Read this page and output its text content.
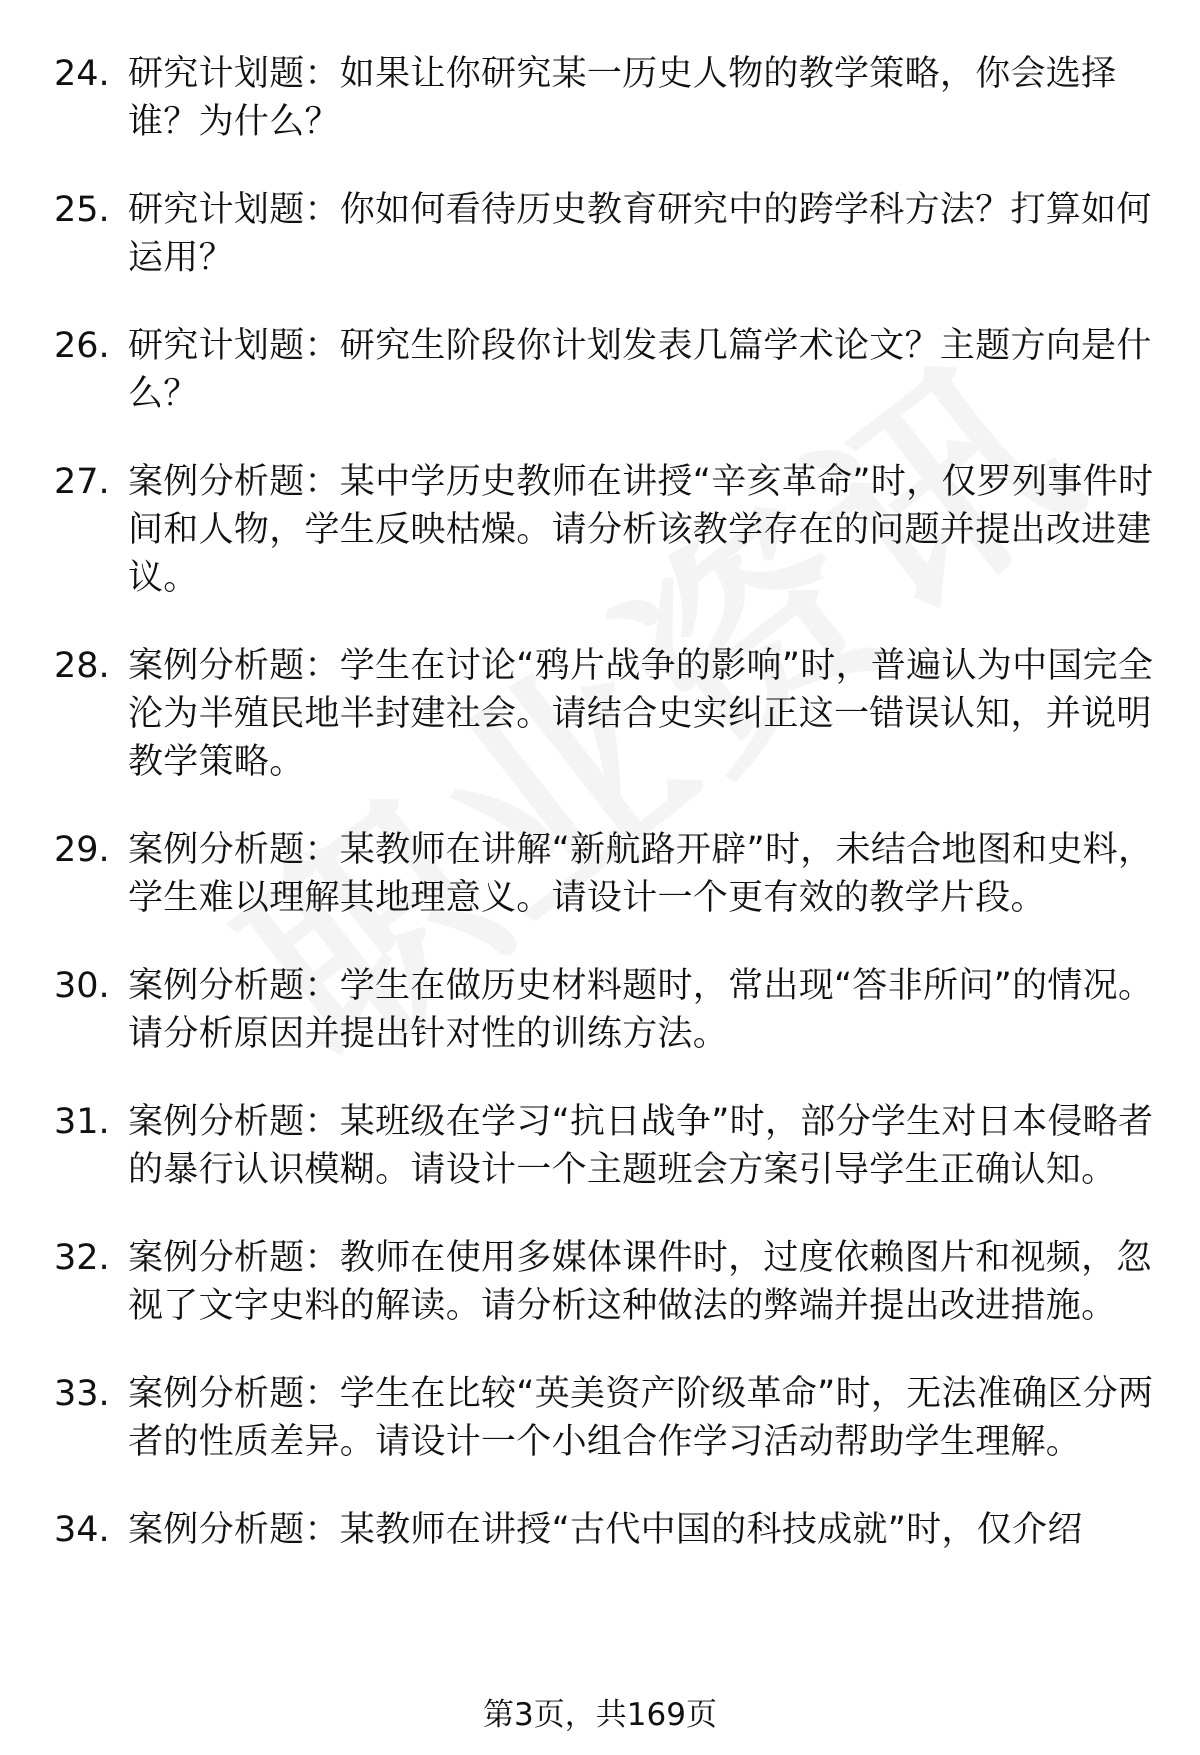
24. 研究计划题：如果让你研究某一历史人物的教学策略，你会选择谁？为什么？
25. 研究计划题：你如何看待历史教育研究中的跨学科方法？打算如何运用？
26. 研究计划题：研究生阶段你计划发表几篇学术论文？主题方向是什么？
27. 案例分析题：某中学历史教师在讲授“辛亥革命”时，仅罗列事件时间和人物，学生反映枯燥。请分析该教学存在的问题并提出改进建议。
28. 案例分析题：学生在讨论“鸦片战争的影响”时，普遍认为中国完全沦为半殖民地半封建社会。请结合史实纠正这一错误认知，并说明教学策略。
29. 案例分析题：某教师在讲解“新航路开辟”时，未结合地图和史料，学生难以理解其地理意义。请设计一个更有效的教学片段。
30. 案例分析题：学生在做历史材料题时，常出现“答非所问”的情况。请分析原因并提出针对性的训练方法。
31. 案例分析题：某班级在学习“抗日战争”时，部分学生对日本侵略者的暴行认识模糊。请设计一个主题班会方案引导学生正确认知。
32. 案例分析题：教师在使用多媒体课件时，过度依赖图片和视频，忽视了文字史料的解读。请分析这种做法的弊端并提出改进措施。
33. 案例分析题：学生在比较“英美资产阶级革命”时，无法准确区分两者的性质差异。请设计一个小组合作学习活动帮助学生理解。
34. 案例分析题：某教师在讲授“古代中国的科技成就”时，仅介绍
第3页，共169页
